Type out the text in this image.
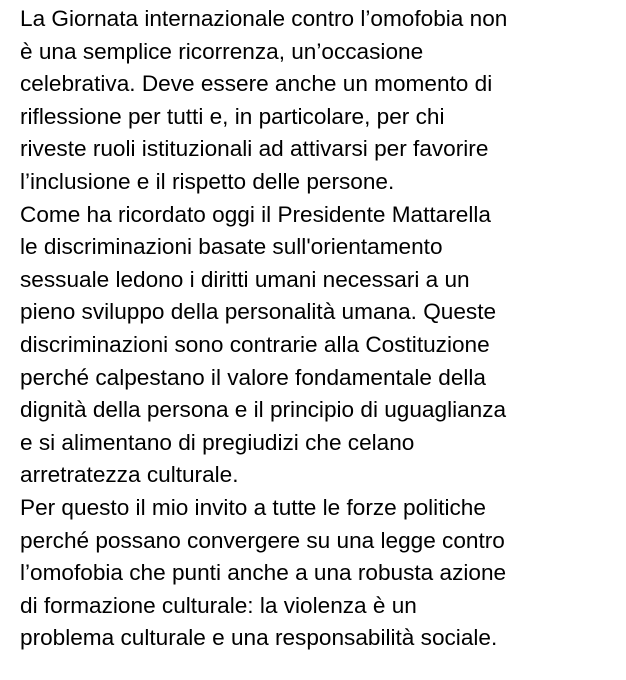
La Giornata internazionale contro l’omofobia non
è una semplice ricorrenza, un’occasione
celebrativa. Deve essere anche un momento di
riflessione per tutti e, in particolare, per chi
riveste ruoli istituzionali ad attivarsi per favorire
l’inclusione e il rispetto delle persone.
Come ha ricordato oggi il Presidente Mattarella
le discriminazioni basate sull'orientamento
sessuale ledono i diritti umani necessari a un
pieno sviluppo della personalità umana. Queste
discriminazioni sono contrarie alla Costituzione
perché calpestano il valore fondamentale della
dignità della persona e il principio di uguaglianza
e si alimentano di pregiudizi che celano
arretratezza culturale.
Per questo il mio invito a tutte le forze politiche
perché possano convergere su una legge contro
l’omofobia che punti anche a una robusta azione
di formazione culturale: la violenza è un
problema culturale e una responsabilità sociale.
